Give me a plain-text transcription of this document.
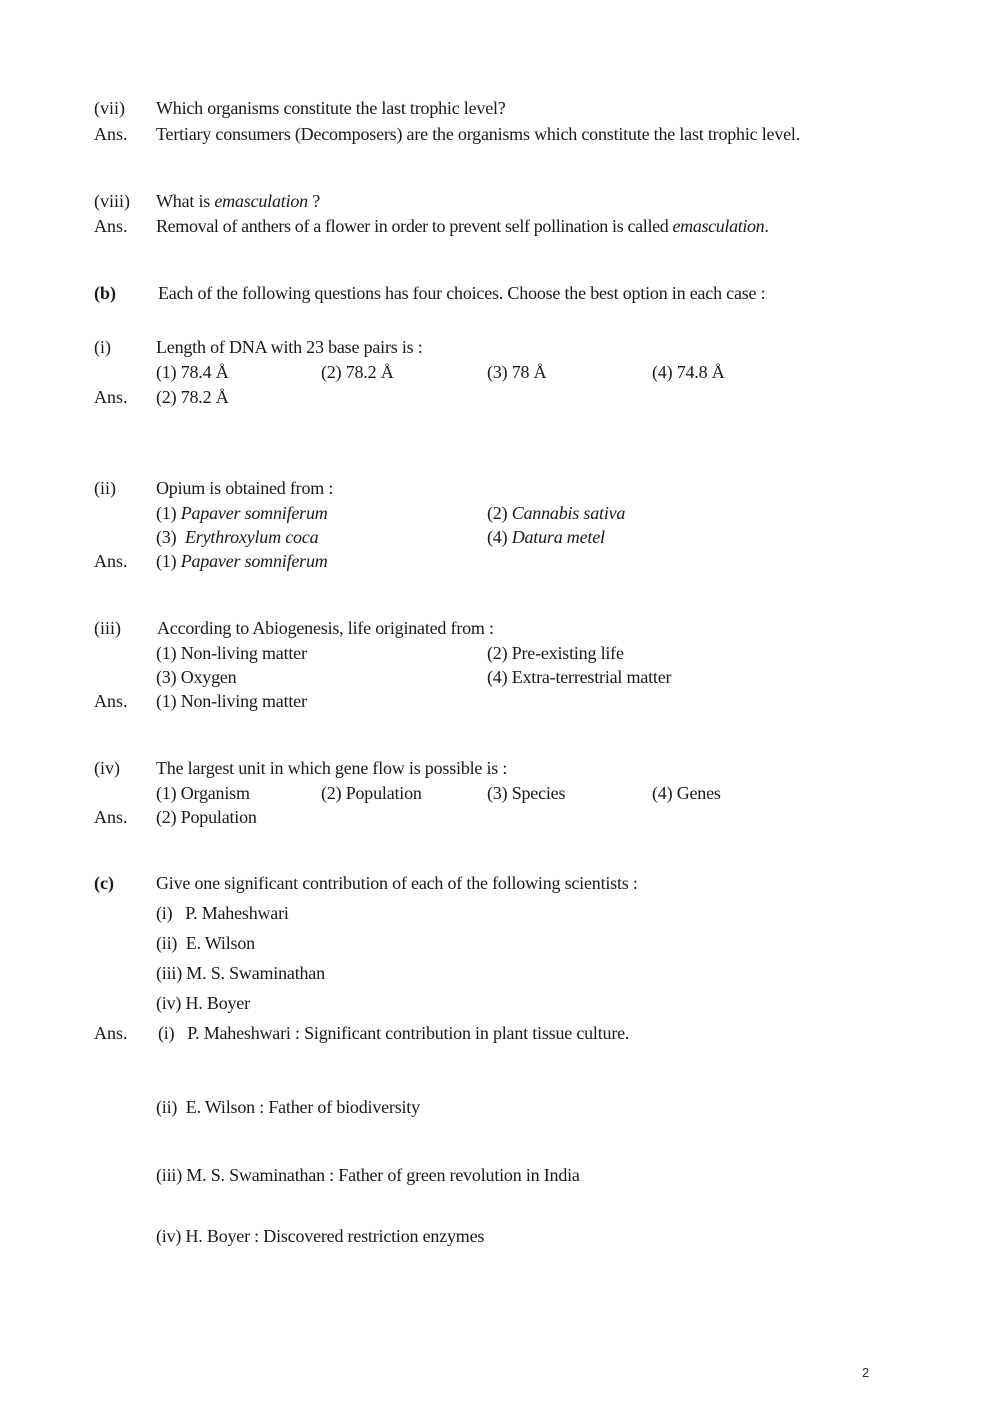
(vii) Which organisms constitute the last trophic level?
Ans. Tertiary consumers (Decomposers) are the organisms which constitute the last trophic level.
(viii) What is emasculation ?
Ans. Removal of anthers of a flower in order to prevent self pollination is called emasculation.
(b) Each of the following questions has four choices. Choose the best option in each case :
(i)	Length of DNA with 23 base pairs is :
(1) 78.4 Å	(2) 78.2 Å	(3) 78 Å	(4) 74.8 Å
Ans. (2) 78.2 Å
(ii) Opium is obtained from :
(1) Papaver somniferum	(2) Cannabis sativa
(3)  Erythroxylum coca	(4) Datura metel
Ans. (1) Papaver somniferum
(iii) According to Abiogenesis, life originated from :
(1) Non-living matter	(2) Pre-existing life
(3) Oxygen	(4) Extra-terrestrial matter
Ans. (1) Non-living matter
(iv) The largest unit in which gene flow is possible is :
(1) Organism	(2) Population	(3) Species	(4) Genes
Ans. (2) Population
(c) Give one significant contribution of each of the following scientists :
(i)   P. Maheshwari
(ii)  E. Wilson
(iii) M. S. Swaminathan
(iv) H. Boyer
Ans. (i)   P. Maheshwari : Significant contribution in plant tissue culture.
(ii)  E. Wilson : Father of biodiversity
(iii) M. S. Swaminathan : Father of green revolution in India
(iv) H. Boyer : Discovered restriction enzymes
2
